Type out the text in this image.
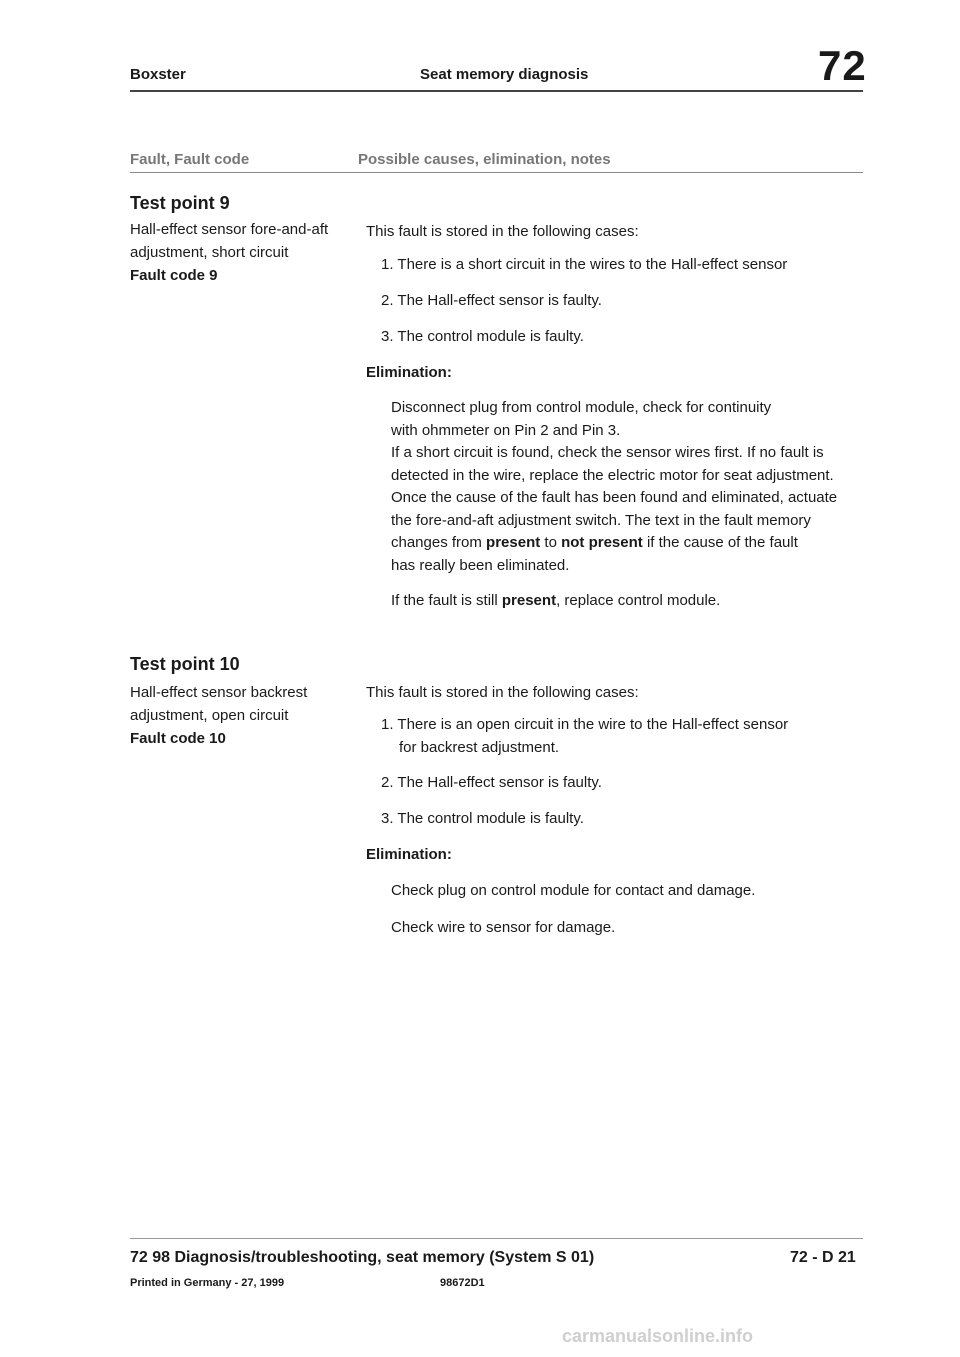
Boxster	Seat memory diagnosis	72
Fault, Fault code	Possible causes, elimination, notes
Test point 9
Hall-effect sensor fore-and-aft
adjustment, short circuit
Fault code 9
This fault is stored in the following cases:
1. There is a short circuit in the wires to the Hall-effect sensor
2. The Hall-effect sensor is faulty.
3. The control module is faulty.
Elimination:
Disconnect plug from control module, check for continuity
with ohmmeter on Pin 2 and Pin 3.
If a short circuit is found, check the sensor wires first. If no fault is
detected in the wire, replace the electric motor for seat adjustment.
Once the cause of the fault has been found and eliminated, actuate
the fore-and-aft adjustment switch. The text in the fault memory
changes from present to not present if the cause of the fault
has really been eliminated.
If the fault is still present, replace control module.
Test point 10
Hall-effect sensor backrest
adjustment, open circuit
Fault code 10
This fault is stored in the following cases:
1. There is an open circuit in the wire to the Hall-effect sensor
for backrest adjustment.
2. The Hall-effect sensor is faulty.
3. The control module is faulty.
Elimination:
Check plug on control module for contact and damage.
Check wire to sensor for damage.
72 98 Diagnosis/troubleshooting, seat memory (System S 01)	72 - D 21
Printed in Germany - 27, 1999	98672D1
carmanualsonline.info
